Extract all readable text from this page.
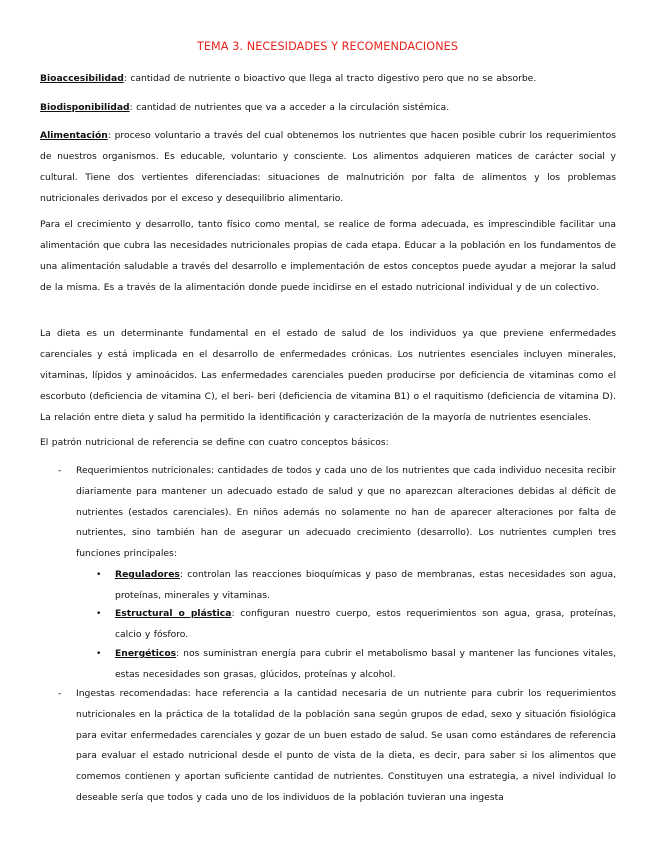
TEMA 3. NECESIDADES Y RECOMENDACIONES
Bioaccesibilidad: cantidad de nutriente o bioactivo que llega al tracto digestivo pero que no se absorbe.
Biodisponibilidad: cantidad de nutrientes que va a acceder a la circulación sistémica.
Alimentación: proceso voluntario a través del cual obtenemos los nutrientes que hacen posible cubrir los requerimientos de nuestros organismos. Es educable, voluntario y consciente. Los alimentos adquieren matices de carácter social y cultural. Tiene dos vertientes diferenciadas: situaciones de malnutrición por falta de alimentos y los problemas nutricionales derivados por el exceso y desequilibrio alimentario.
Para el crecimiento y desarrollo, tanto físico como mental, se realice de forma adecuada, es imprescindible facilitar una alimentación que cubra las necesidades nutricionales propias de cada etapa. Educar a la población en los fundamentos de una alimentación saludable a través del desarrollo e implementación de estos conceptos puede ayudar a mejorar la salud de la misma. Es a través de la alimentación donde puede incidirse en el estado nutricional individual y de un colectivo.
La dieta es un determinante fundamental en el estado de salud de los individuos ya que previene enfermedades carenciales y está implicada en el desarrollo de enfermedades crónicas. Los nutrientes esenciales incluyen minerales, vitaminas, lípidos y aminoácidos. Las enfermedades carenciales pueden producirse por deficiencia de vitaminas como el escorbuto (deficiencia de vitamina C), el beri- beri (deficiencia de vitamina B1) o el raquitismo (deficiencia de vitamina D). La relación entre dieta y salud ha permitido la identificación y caracterización de la mayoría de nutrientes esenciales.
El patrón nutricional de referencia se define con cuatro conceptos básicos:
- Requerimientos nutricionales: cantidades de todos y cada uno de los nutrientes que cada individuo necesita recibir diariamente para mantener un adecuado estado de salud y que no aparezcan alteraciones debidas al déficit de nutrientes (estados carenciales). En niños además no solamente no han de aparecer alteraciones por falta de nutrientes, sino también han de asegurar un adecuado crecimiento (desarrollo). Los nutrientes cumplen tres funciones principales:
• Reguladores: controlan las reacciones bioquímicas y paso de membranas, estas necesidades son agua, proteínas, minerales y vitaminas.
• Estructural o plástica: configuran nuestro cuerpo, estos requerimientos son agua, grasa, proteínas, calcio y fósforo.
• Energéticos: nos suministran energía para cubrir el metabolismo basal y mantener las funciones vitales, estas necesidades son grasas, glúcidos, proteínas y alcohol.
- Ingestas recomendadas: hace referencia a la cantidad necesaria de un nutriente para cubrir los requerimientos nutricionales en la práctica de la totalidad de la población sana según grupos de edad, sexo y situación fisiológica para evitar enfermedades carenciales y gozar de un buen estado de salud. Se usan como estándares de referencia para evaluar el estado nutricional desde el punto de vista de la dieta, es decir, para saber si los alimentos que comemos contienen y aportan suficiente cantidad de nutrientes. Constituyen una estrategia, a nivel individual lo deseable sería que todos y cada uno de los individuos de la población tuvieran una ingesta
